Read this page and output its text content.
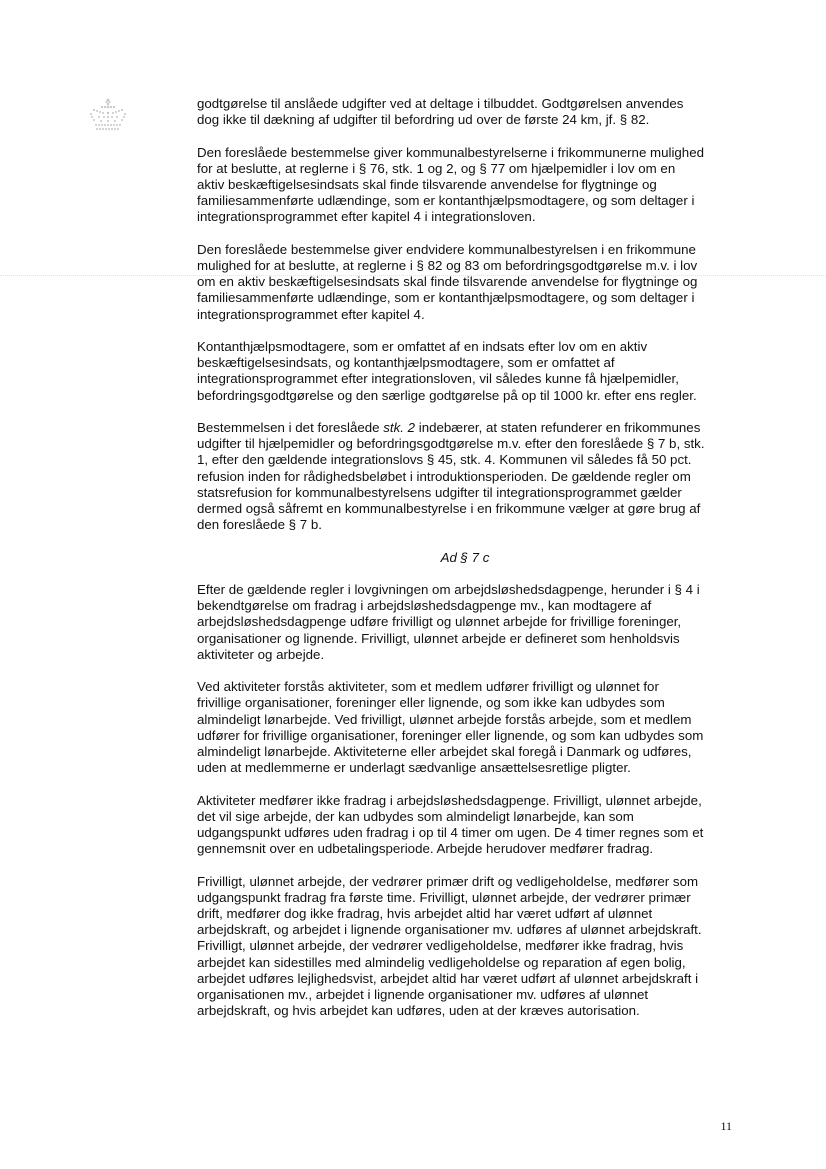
godtgørelse til anslåede udgifter ved at deltage i tilbuddet. Godtgørelsen anvendes
dog ikke til dækning af udgifter til befordring ud over de første 24 km, jf. § 82.

Den foreslåede bestemmelse giver kommunalbestyrelserne i frikommunerne mulighed
for at beslutte, at reglerne i § 76, stk. 1 og 2, og § 77 om hjælpemidler i lov om en
aktiv beskæftigelsesindsats skal finde tilsvarende anvendelse for flygtninge og
familiesammenførte udlændinge, som er kontanthjælpsmodtagere, og som deltager i
integrationsprogrammet efter kapitel 4 i integrationsloven.

Den foreslåede bestemmelse giver endvidere kommunalbestyrelsen i en frikommune
mulighed for at beslutte, at reglerne i § 82 og 83 om befordringsgodtgørelse m.v. i lov
om en aktiv beskæftigelsesindsats skal finde tilsvarende anvendelse for flygtninge og
familiesammenførte udlændinge, som er kontanthjælpsmodtagere, og som deltager i
integrationsprogrammet efter kapitel 4.

Kontanthjælpsmodtagere, som er omfattet af en indsats efter lov om en aktiv
beskæftigelsesindsats, og kontanthjælpsmodtagere, som er omfattet af
integrationsprogrammet efter integrationsloven, vil således kunne få hjælpemidler,
befordringsgodtgørelse og den særlige godtgørelse på op til 1000 kr. efter ens regler.

Bestemmelsen i det foreslåede stk. 2 indebærer, at staten refunderer en frikommunes
udgifter til hjælpemidler og befordringsgodtgørelse m.v. efter den foreslåede § 7 b, stk.
1, efter den gældende integrationslovs § 45, stk. 4. Kommunen vil således få 50 pct.
refusion inden for rådighedsbeløbet i introduktionsperioden. De gældende regler om
statsrefusion for kommunalbestyrelsens udgifter til integrationsprogrammet gælder
dermed også såfremt en kommunalbestyrelse i en frikommune vælger at gøre brug af
den foreslåede § 7 b.

Ad § 7 c

Efter de gældende regler i lovgivningen om arbejdsløshedsdagpenge, herunder i § 4 i
bekendtgørelse om fradrag i arbejdsløshedsdagpenge mv., kan modtagere af
arbejdsløshedsdagpenge udføre frivilligt og ulønnet arbejde for frivillige foreninger,
organisationer og lignende. Frivilligt, ulønnet arbejde er defineret som henholdsvis
aktiviteter og arbejde.

Ved aktiviteter forstås aktiviteter, som et medlem udfører frivilligt og ulønnet for
frivillige organisationer, foreninger eller lignende, og som ikke kan udbydes som
almindeligt lønarbejde. Ved frivilligt, ulønnet arbejde forstås arbejde, som et medlem
udfører for frivillige organisationer, foreninger eller lignende, og som kan udbydes som
almindeligt lønarbejde. Aktiviteterne eller arbejdet skal foregå i Danmark og udføres,
uden at medlemmerne er underlagt sædvanlige ansættelsesretlige pligter.

Aktiviteter medfører ikke fradrag i arbejdsløshedsdagpenge. Frivilligt, ulønnet arbejde,
det vil sige arbejde, der kan udbydes som almindeligt lønarbejde, kan som
udgangspunkt udføres uden fradrag i op til 4 timer om ugen. De 4 timer regnes som et
gennemsnit over en udbetalingsperiode. Arbejde herudover medfører fradrag.

Frivilligt, ulønnet arbejde, der vedrører primær drift og vedligeholdelse, medfører som
udgangspunkt fradrag fra første time. Frivilligt, ulønnet arbejde, der vedrører primær
drift, medfører dog ikke fradrag, hvis arbejdet altid har været udført af ulønnet
arbejdskraft, og arbejdet i lignende organisationer mv. udføres af ulønnet arbejdskraft.
Frivilligt, ulønnet arbejde, der vedrører vedligeholdelse, medfører ikke fradrag, hvis
arbejdet kan sidestilles med almindelig vedligeholdelse og reparation af egen bolig,
arbejdet udføres lejlighedsvist, arbejdet altid har været udført af ulønnet arbejdskraft i
organisationen mv., arbejdet i lignende organisationer mv. udføres af ulønnet
arbejdskraft, og hvis arbejdet kan udføres, uden at der kræves autorisation.

11
